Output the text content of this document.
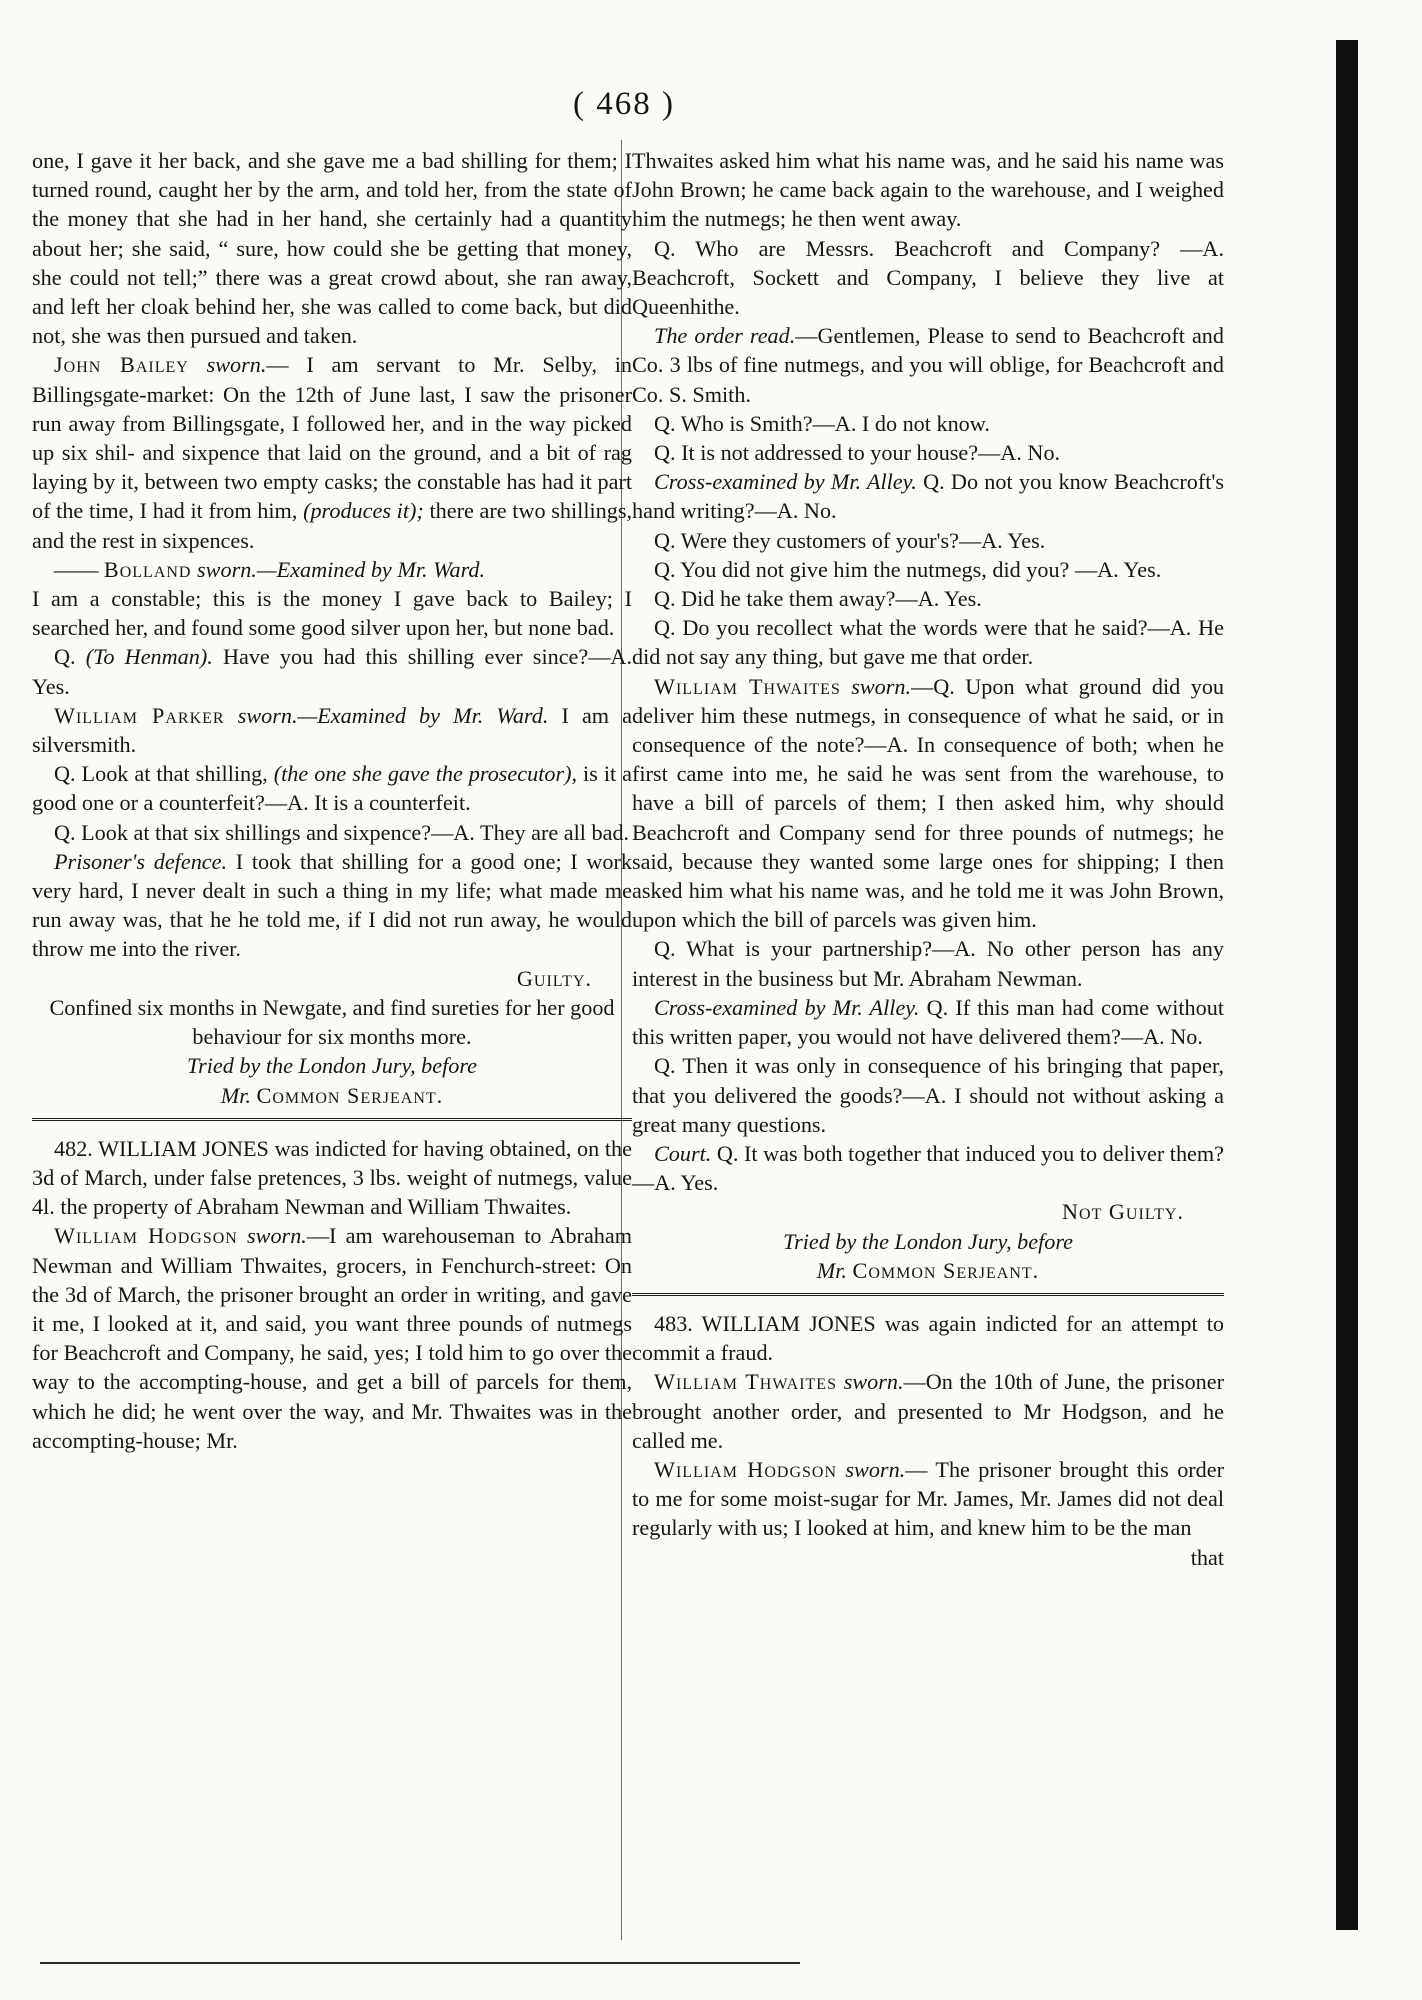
( 468 )

one, I gave it her back, and she gave me a bad shilling for them; I turned round, caught her by the arm, and told her, from the state of the money that she had in her hand, she certainly had a quantity about her; she said, “ sure, how could she be getting that money, she could not tell;” there was a great crowd about, she ran away, and left her cloak behind her, she was called to come back, but did not, she was then pursued and taken.

John Bailey sworn.— I am servant to Mr. Selby, in Billingsgate-market: On the 12th of June last, I saw the prisoner run away from Billingsgate, I followed her, and in the way picked up six shil- and sixpence that laid on the ground, and a bit of rag laying by it, between two empty casks; the constable has had it part of the time, I had it from him, (produces it); there are two shillings, and the rest in sixpences.

—— Bolland sworn.—Examined by Mr. Ward.

I am a constable; this is the money I gave back to Bailey; I searched her, and found some good silver upon her, but none bad.

Q. (To Henman). Have you had this shilling ever since?—A. Yes.

William Parker sworn.—Examined by Mr. Ward. I am a silversmith.

Q. Look at that shilling, (the one she gave the prosecutor), is it a good one or a counterfeit?—A. It is a counterfeit.

Q. Look at that six shillings and sixpence?—A. They are all bad.

Prisoner's defence. I took that shilling for a good one; I work very hard, I never dealt in such a thing in my life; what made me run away was, that he he told me, if I did not run away, he would throw me into the river.

Guilty.

Confined six months in Newgate, and find sureties for her good behaviour for six months more.

Tried by the London Jury, before

Mr. Common Serjeant.

482. WILLIAM JONES was indicted for having obtained, on the 3d of March, under false pretences, 3 lbs. weight of nutmegs, value 4l. the property of Abraham Newman and William Thwaites.

William Hodgson sworn.—I am warehouseman to Abraham Newman and William Thwaites, grocers, in Fenchurch-street: On the 3d of March, the prisoner brought an order in writing, and gave it me, I looked at it, and said, you want three pounds of nutmegs for Beachcroft and Company, he said, yes; I told him to go over the way to the accompting-house, and get a bill of parcels for them, which he did; he went over the way, and Mr. Thwaites was in the accompting-house; Mr.

Thwaites asked him what his name was, and he said his name was John Brown; he came back again to the warehouse, and I weighed him the nutmegs; he then went away.

Q. Who are Messrs. Beachcroft and Company? —A. Beachcroft, Sockett and Company, I believe they live at Queenhithe.

The order read.—Gentlemen, Please to send to Beachcroft and Co. 3 lbs of fine nutmegs, and you will oblige, for Beachcroft and Co. S. Smith.

Q. Who is Smith?—A. I do not know.

Q. It is not addressed to your house?—A. No.

Cross-examined by Mr. Alley. Q. Do not you know Beachcroft's hand writing?—A. No.

Q. Were they customers of your's?—A. Yes.

Q. You did not give him the nutmegs, did you? —A. Yes.

Q. Did he take them away?—A. Yes.

Q. Do you recollect what the words were that he said?—A. He did not say any thing, but gave me that order.

William Thwaites sworn.—Q. Upon what ground did you deliver him these nutmegs, in consequence of what he said, or in consequence of the note?—A. In consequence of both; when he first came into me, he said he was sent from the warehouse, to have a bill of parcels of them; I then asked him, why should Beachcroft and Company send for three pounds of nutmegs; he said, because they wanted some large ones for shipping; I then asked him what his name was, and he told me it was John Brown, upon which the bill of parcels was given him.

Q. What is your partnership?—A. No other person has any interest in the business but Mr. Abraham Newman.

Cross-examined by Mr. Alley. Q. If this man had come without this written paper, you would not have delivered them?—A. No.

Q. Then it was only in consequence of his bringing that paper, that you delivered the goods?—A. I should not without asking a great many questions.

Court. Q. It was both together that induced you to deliver them?—A. Yes.

Not Guilty.

Tried by the London Jury, before

Mr. Common Serjeant.

483. WILLIAM JONES was again indicted for an attempt to commit a fraud.

William Thwaites sworn.—On the 10th of June, the prisoner brought another order, and presented to Mr Hodgson, and he called me.

William Hodgson sworn.— The prisoner brought this order to me for some moist-sugar for Mr. James, Mr. James did not deal regularly with us; I looked at him, and knew him to be the man

that
